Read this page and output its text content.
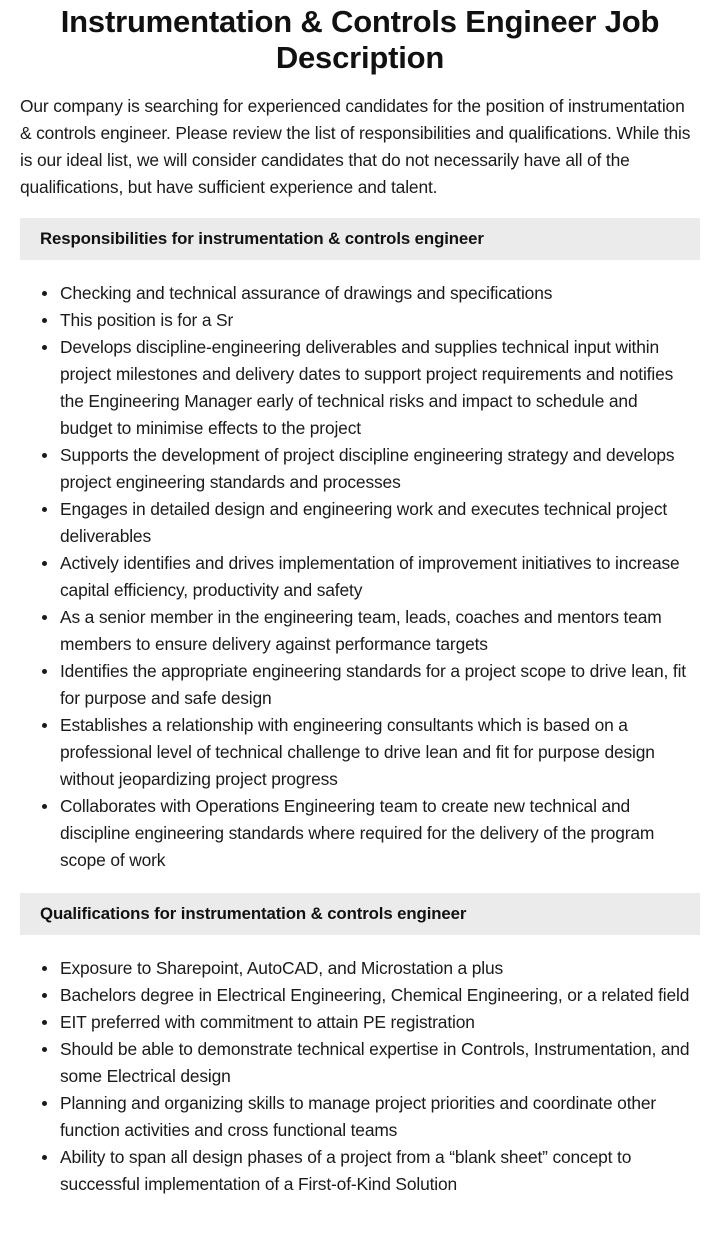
Instrumentation & Controls Engineer Job Description

Our company is searching for experienced candidates for the position of instrumentation & controls engineer. Please review the list of responsibilities and qualifications. While this is our ideal list, we will consider candidates that do not necessarily have all of the qualifications, but have sufficient experience and talent.

Responsibilities for instrumentation & controls engineer
Checking and technical assurance of drawings and specifications
This position is for a Sr
Develops discipline-engineering deliverables and supplies technical input within project milestones and delivery dates to support project requirements and notifies the Engineering Manager early of technical risks and impact to schedule and budget to minimise effects to the project
Supports the development of project discipline engineering strategy and develops project engineering standards and processes
Engages in detailed design and engineering work and executes technical project deliverables
Actively identifies and drives implementation of improvement initiatives to increase capital efficiency, productivity and safety
As a senior member in the engineering team, leads, coaches and mentors team members to ensure delivery against performance targets
Identifies the appropriate engineering standards for a project scope to drive lean, fit for purpose and safe design
Establishes a relationship with engineering consultants which is based on a professional level of technical challenge to drive lean and fit for purpose design without jeopardizing project progress
Collaborates with Operations Engineering team to create new technical and discipline engineering standards where required for the delivery of the program scope of work
Qualifications for instrumentation & controls engineer
Exposure to Sharepoint, AutoCAD, and Microstation a plus
Bachelors degree in Electrical Engineering, Chemical Engineering, or a related field
EIT preferred with commitment to attain PE registration
Should be able to demonstrate technical expertise in Controls, Instrumentation, and some Electrical design
Planning and organizing skills to manage project priorities and coordinate other function activities and cross functional teams
Ability to span all design phases of a project from a “blank sheet” concept to successful implementation of a First-of-Kind Solution
